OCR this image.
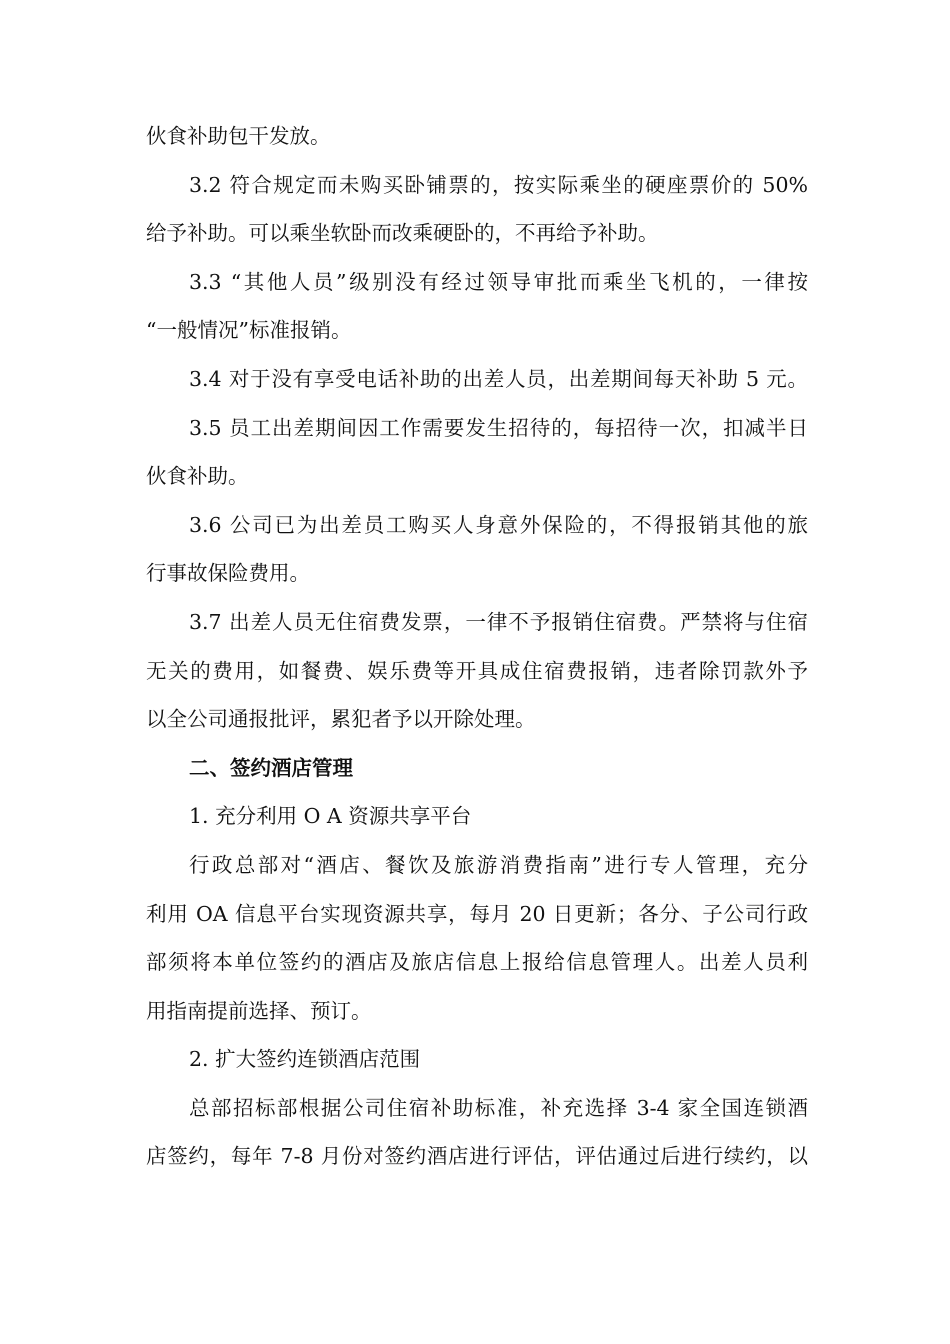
伙食补助包干发放。
3.2 符合规定而未购买卧铺票的，按实际乘坐的硬座票价的 50%
给予补助。可以乘坐软卧而改乘硬卧的，不再给予补助。
3.3 “其他人员”级别没有经过领导审批而乘坐飞机的，一律按
“一般情况”标准报销。
3.4 对于没有享受电话补助的出差人员，出差期间每天补助 5 元。
3.5 员工出差期间因工作需要发生招待的，每招待一次，扣减半日
伙食补助。
3.6 公司已为出差员工购买人身意外保险的，不得报销其他的旅
行事故保险费用。
3.7 出差人员无住宿费发票，一律不予报销住宿费。严禁将与住宿
无关的费用，如餐费、娱乐费等开具成住宿费报销，违者除罚款外予
以全公司通报批评，累犯者予以开除处理。
二、签约酒店管理
1. 充分利用 O A 资源共享平台
行政总部对“酒店、餐饮及旅游消费指南”进行专人管理，充分
利用 OA 信息平台实现资源共享，每月 20 日更新；各分、子公司行政
部须将本单位签约的酒店及旅店信息上报给信息管理人。出差人员利
用指南提前选择、预订。
2. 扩大签约连锁酒店范围
总部招标部根据公司住宿补助标准，补充选择 3-4 家全国连锁酒
店签约，每年 7-8 月份对签约酒店进行评估，评估通过后进行续约，以
